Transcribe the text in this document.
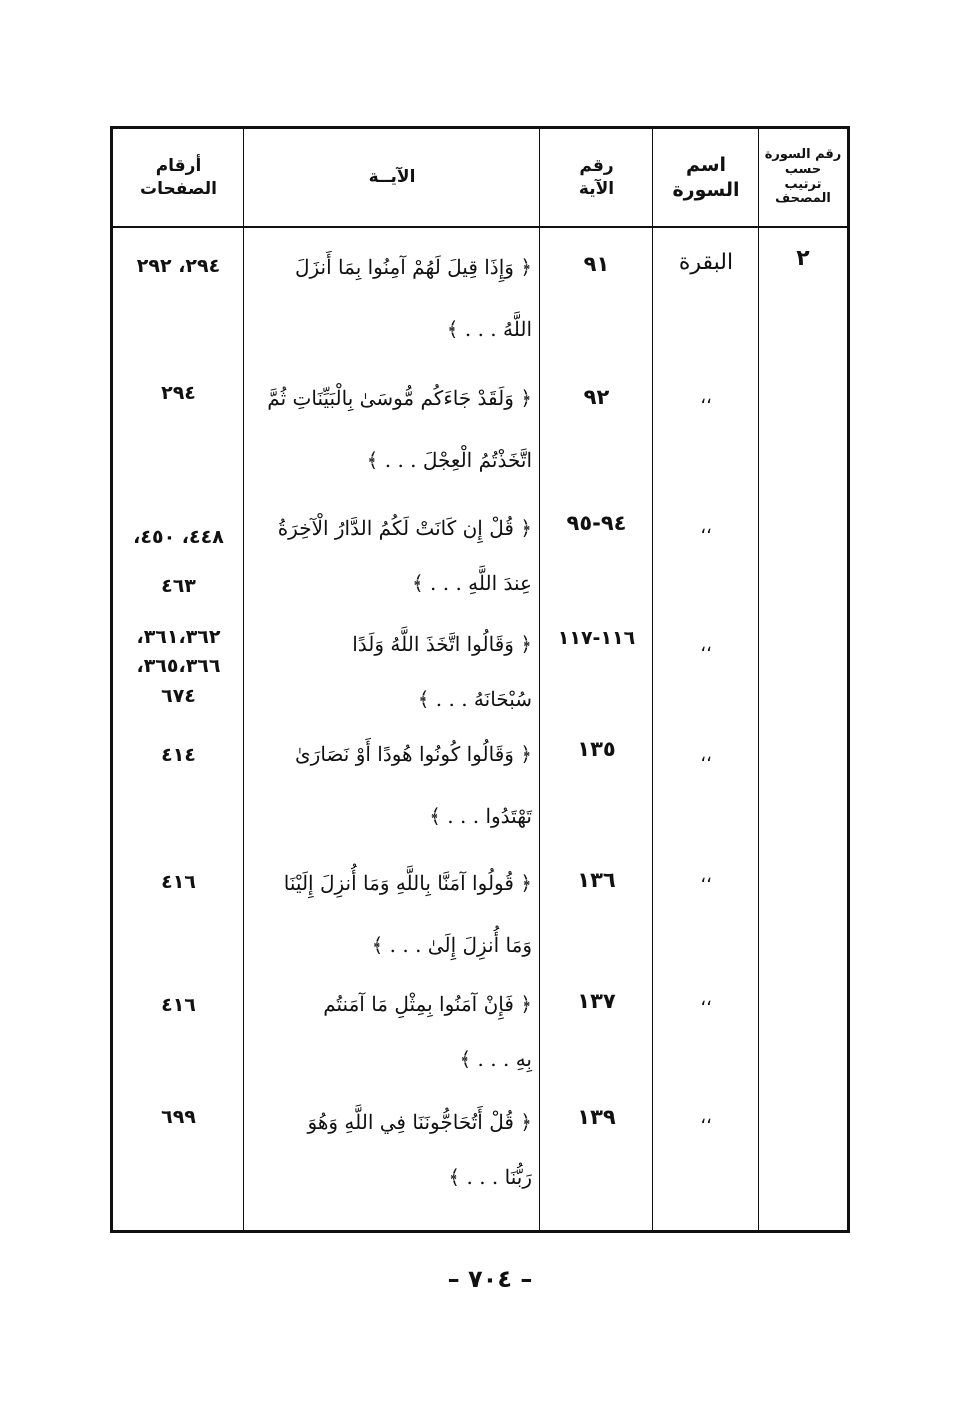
رقم السورة
حسب
ترتيب
المصحف
اسم
السورة
رقم
الآية
الآيــة
أرقام
الصفحات
٢
البقرة
٩١
﴿ وَإِذَا قِيلَ لَهُمْ آمِنُوا بِمَا أَنزَلَ
اللَّهُ . . . ﴾
٢٩٤، ٢٩٢
،،
٩٢
﴿ وَلَقَدْ جَاءَكُم مُّوسَىٰ بِالْبَيِّنَاتِ ثُمَّ
اتَّخَذْتُمُ الْعِجْلَ . . . ﴾
٢٩٤
،،
٩٤-٩٥
﴿ قُلْ إِن كَانَتْ لَكُمُ الدَّارُ الْآخِرَةُ
عِندَ اللَّهِ . . . ﴾
٤٤٨، ٤٥٠،
٤٦٣
،،
١١٦-١١٧
﴿ وَقَالُوا اتَّخَذَ اللَّهُ وَلَدًا
سُبْحَانَهُ . . . ﴾
٣٦١،٣٦٢،
٣٦٥،٣٦٦،
٦٧٤
،،
١٣٥
﴿ وَقَالُوا كُونُوا هُودًا أَوْ نَصَارَىٰ
تَهْتَدُوا . . . ﴾
٤١٤
،،
١٣٦
﴿ قُولُوا آمَنَّا بِاللَّهِ وَمَا أُنزِلَ إِلَيْنَا
وَمَا أُنزِلَ إِلَىٰ . . . ﴾
٤١٦
،،
١٣٧
﴿ فَإِنْ آمَنُوا بِمِثْلِ مَا آمَنتُم
بِهِ . . . ﴾
٤١٦
،،
١٣٩
﴿ قُلْ أَتُحَاجُّونَنَا فِي اللَّهِ وَهُوَ
رَبُّنَا . . . ﴾
٦٩٩
– ٧٠٤ –
